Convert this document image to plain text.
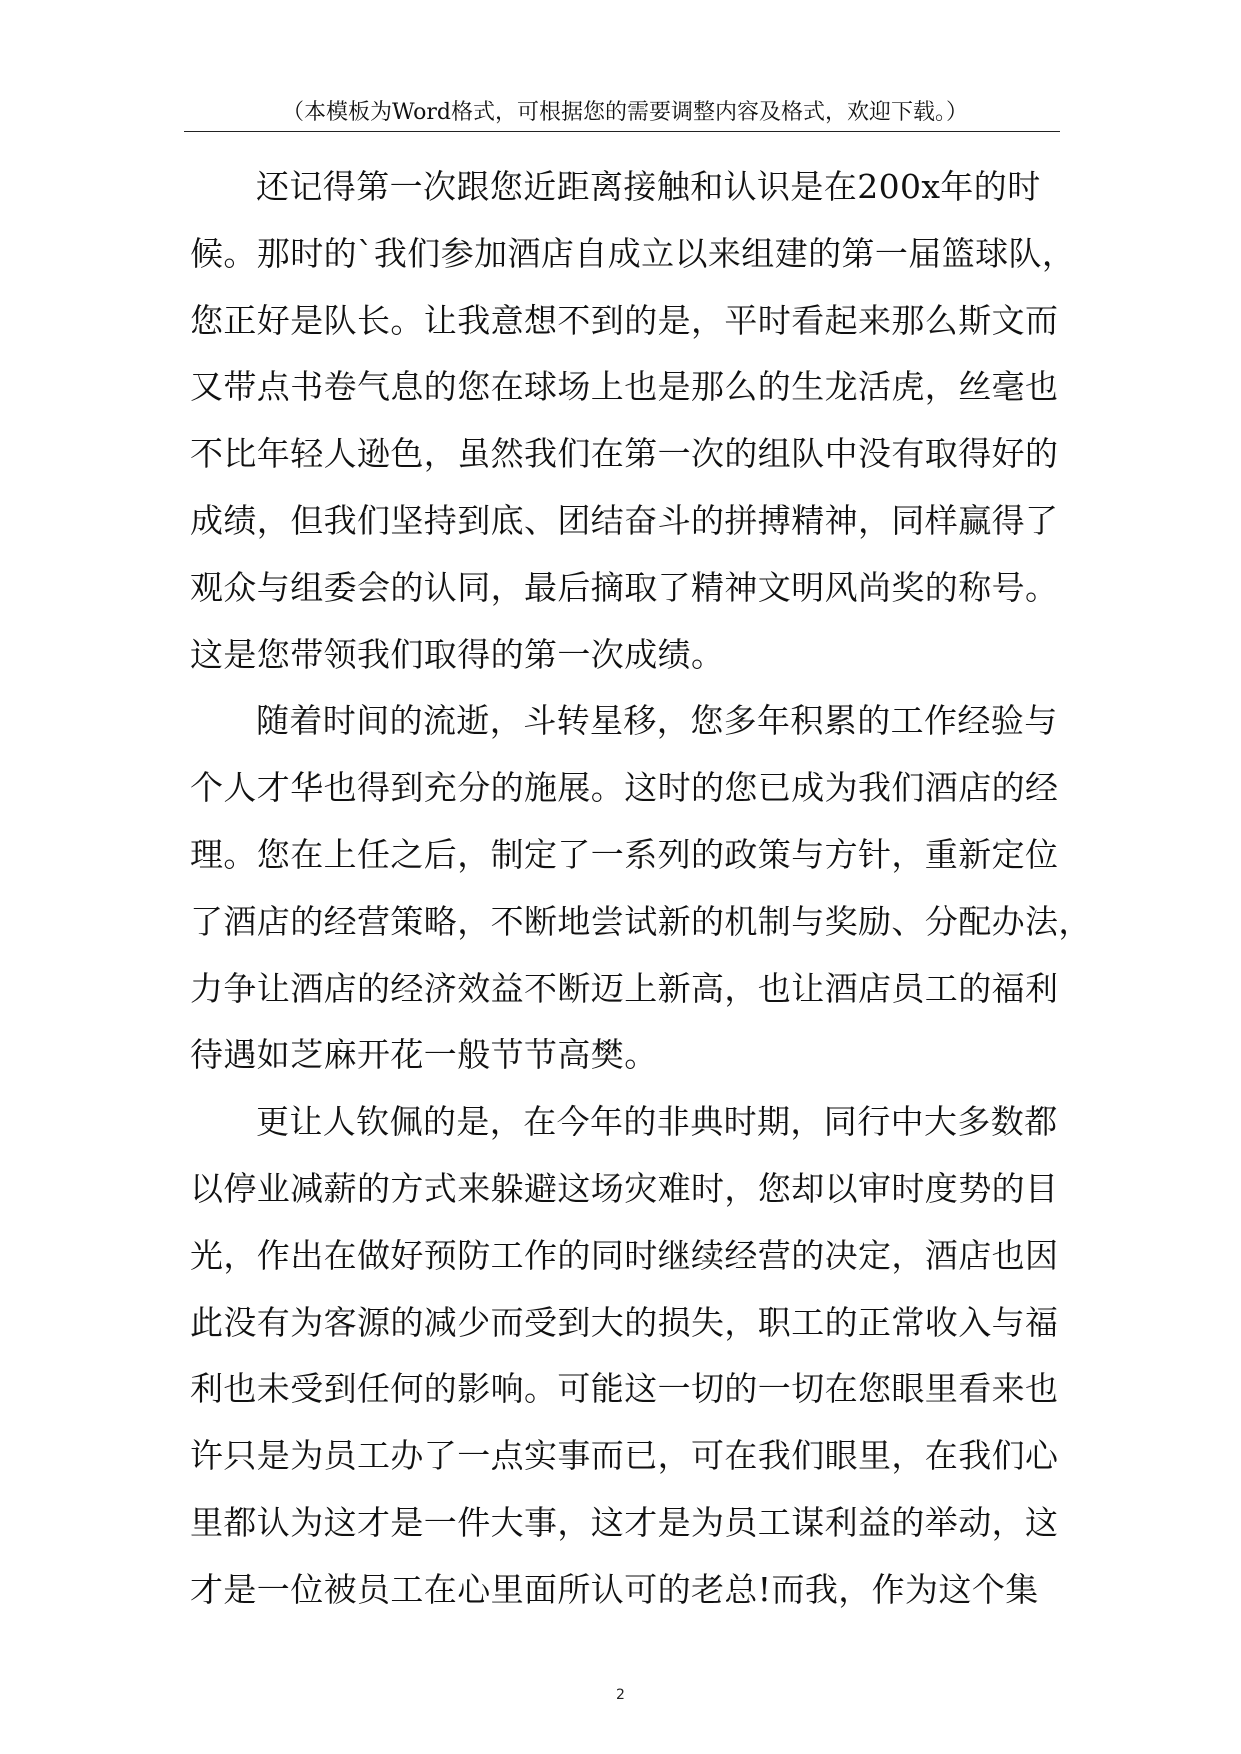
（本模板为Word格式，可根据您的需要调整内容及格式，欢迎下载。）
还记得第一次跟您近距离接触和认识是在200x年的时
候。那时的`我们参加酒店自成立以来组建的第一届篮球队，
您正好是队长。让我意想不到的是，平时看起来那么斯文而
又带点书卷气息的您在球场上也是那么的生龙活虎，丝毫也
不比年轻人逊色，虽然我们在第一次的组队中没有取得好的
成绩，但我们坚持到底、团结奋斗的拼搏精神，同样赢得了
观众与组委会的认同，最后摘取了精神文明风尚奖的称号。
这是您带领我们取得的第一次成绩。
随着时间的流逝，斗转星移，您多年积累的工作经验与
个人才华也得到充分的施展。这时的您已成为我们酒店的经
理。您在上任之后，制定了一系列的政策与方针，重新定位
了酒店的经营策略，不断地尝试新的机制与奖励、分配办法，
力争让酒店的经济效益不断迈上新高，也让酒店员工的福利
待遇如芝麻开花一般节节高樊。
更让人钦佩的是，在今年的非典时期，同行中大多数都
以停业减薪的方式来躲避这场灾难时，您却以审时度势的目
光，作出在做好预防工作的同时继续经营的决定，酒店也因
此没有为客源的减少而受到大的损失，职工的正常收入与福
利也未受到任何的影响。可能这一切的一切在您眼里看来也
许只是为员工办了一点实事而已，可在我们眼里，在我们心
里都认为这才是一件大事，这才是为员工谋利益的举动，这
才是一位被员工在心里面所认可的老总!而我，作为这个集
2
